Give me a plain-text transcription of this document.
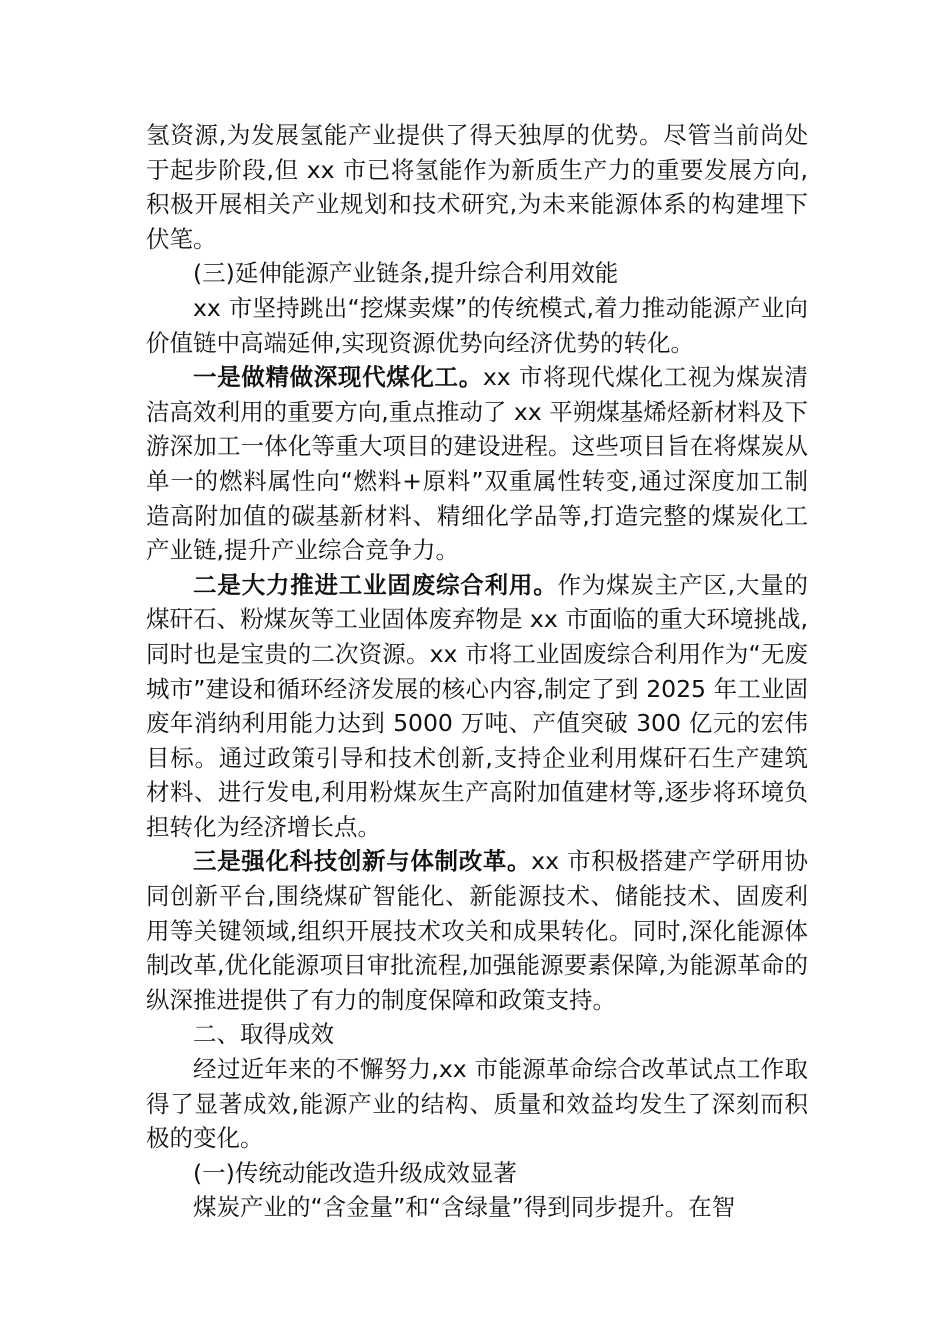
氢资源,为发展氢能产业提供了得天独厚的优势。尽管当前尚处于起步阶段,但 xx 市已将氢能作为新质生产力的重要发展方向,积极开展相关产业规划和技术研究,为未来能源体系的构建埋下伏笔。

(三)延伸能源产业链条,提升综合利用效能

xx 市坚持跳出“挖煤卖煤”的传统模式,着力推动能源产业向价值链中高端延伸,实现资源优势向经济优势的转化。

一是做精做深现代煤化工。xx 市将现代煤化工视为煤炭清洁高效利用的重要方向,重点推动了 xx 平朔煤基烯烃新材料及下游深加工一体化等重大项目的建设进程。这些项目旨在将煤炭从单一的燃料属性向“燃料+原料”双重属性转变,通过深度加工制造高附加值的碳基新材料、精细化学品等,打造完整的煤炭化工产业链,提升产业综合竞争力。

二是大力推进工业固废综合利用。作为煤炭主产区,大量的煤矸石、粉煤灰等工业固体废弃物是 xx 市面临的重大环境挑战,同时也是宝贵的二次资源。xx 市将工业固废综合利用作为“无废城市”建设和循环经济发展的核心内容,制定了到 2025 年工业固废年消纳利用能力达到 5000 万吨、产值突破 300 亿元的宏伟目标。通过政策引导和技术创新,支持企业利用煤矸石生产建筑材料、进行发电,利用粉煤灰生产高附加值建材等,逐步将环境负担转化为经济增长点。

三是强化科技创新与体制改革。xx 市积极搭建产学研用协同创新平台,围绕煤矿智能化、新能源技术、储能技术、固废利用等关键领域,组织开展技术攻关和成果转化。同时,深化能源体制改革,优化能源项目审批流程,加强能源要素保障,为能源革命的纵深推进提供了有力的制度保障和政策支持。

二、取得成效

经过近年来的不懈努力,xx 市能源革命综合改革试点工作取得了显著成效,能源产业的结构、质量和效益均发生了深刻而积极的变化。

(一)传统动能改造升级成效显著

煤炭产业的“含金量”和“含绿量”得到同步提升。在智
